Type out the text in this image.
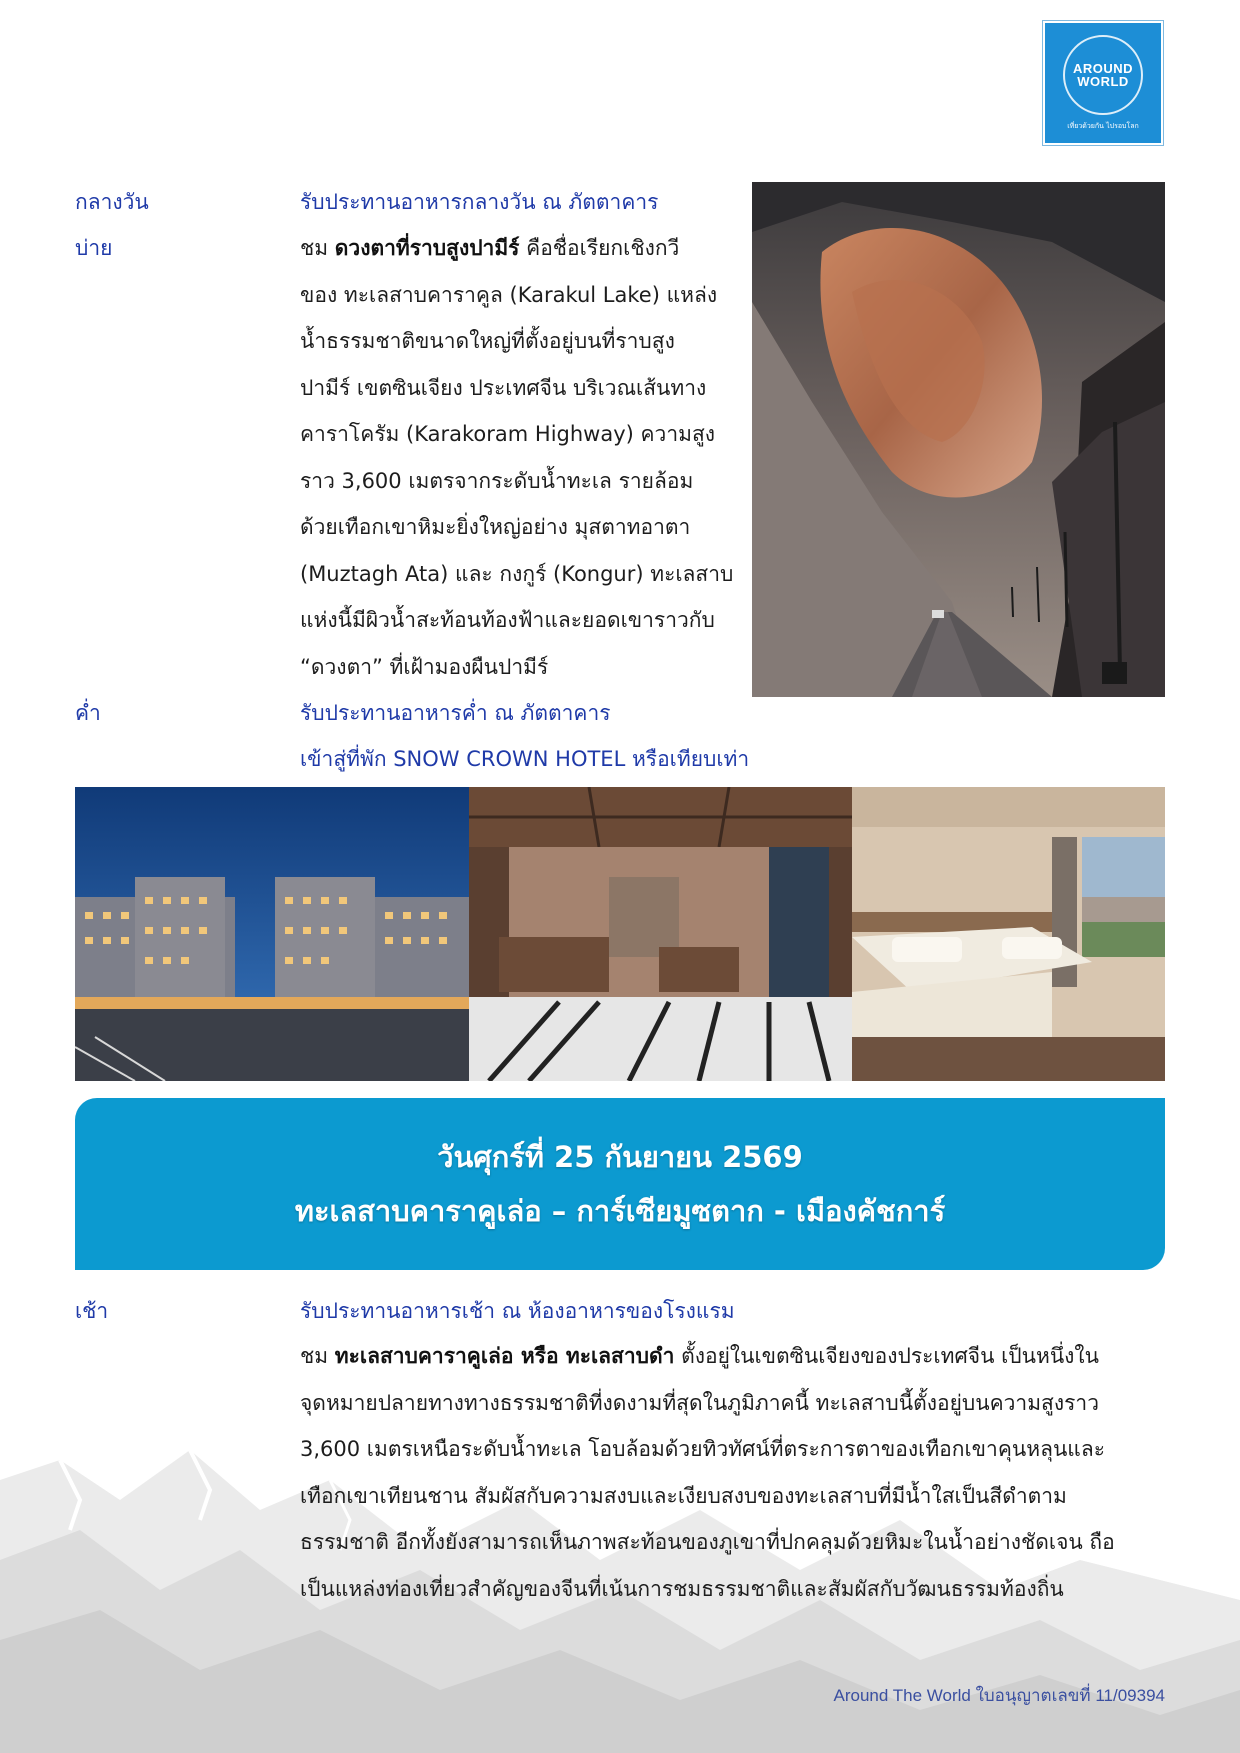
AROUND
WORLD
เที่ยวด้วยกัน ไปรอบโลก
กลางวัน	รับประทานอาหารกลางวัน ณ ภัตตาคาร
บ่าย	ชม ดวงตาที่ราบสูงปามีร์ คือชื่อเรียกเชิงกวี
ของ ทะเลสาบคาราคูล (Karakul Lake) แหล่ง
น้ำธรรมชาติขนาดใหญ่ที่ตั้งอยู่บนที่ราบสูง
ปามีร์ เขตซินเจียง ประเทศจีน บริเวณเส้นทาง
คาราโครัม (Karakoram Highway) ความสูง
ราว 3,600 เมตรจากระดับน้ำทะเล รายล้อม
ด้วยเทือกเขาหิมะยิ่งใหญ่อย่าง มุสตาทอาตา
(Muztagh Ata) และ กงกูร์ (Kongur) ทะเลสาบ
แห่งนี้มีผิวน้ำสะท้อนท้องฟ้าและยอดเขาราวกับ
“ดวงตา” ที่เฝ้ามองผืนปามีร์
ค่ำ	รับประทานอาหารค่ำ ณ ภัตตาคาร
เข้าสู่ที่พัก SNOW CROWN HOTEL หรือเทียบเท่า
วันศุกร์ที่ 25 กันยายน 2569
ทะเลสาบคาราคูเล่อ – การ์เซียมูซตาก - เมืองคัชการ์
เช้า	รับประทานอาหารเช้า ณ ห้องอาหารของโรงแรม
ชม ทะเลสาบคาราคูเล่อ หรือ ทะเลสาบดำ ตั้งอยู่ในเขตซินเจียงของประเทศจีน เป็นหนึ่งใน
จุดหมายปลายทางทางธรรมชาติที่งดงามที่สุดในภูมิภาคนี้ ทะเลสาบนี้ตั้งอยู่บนความสูงราว
3,600 เมตรเหนือระดับน้ำทะเล โอบล้อมด้วยทิวทัศน์ที่ตระการตาของเทือกเขาคุนหลุนและ
เทือกเขาเทียนชาน สัมผัสกับความสงบและเงียบสงบของทะเลสาบที่มีน้ำใสเป็นสีดำตาม
ธรรมชาติ อีกทั้งยังสามารถเห็นภาพสะท้อนของภูเขาที่ปกคลุมด้วยหิมะในน้ำอย่างชัดเจน ถือ
เป็นแหล่งท่องเที่ยวสำคัญของจีนที่เน้นการชมธรรมชาติและสัมผัสกับวัฒนธรรมท้องถิ่น
Around The World ใบอนุญาตเลขที่ 11/09394
